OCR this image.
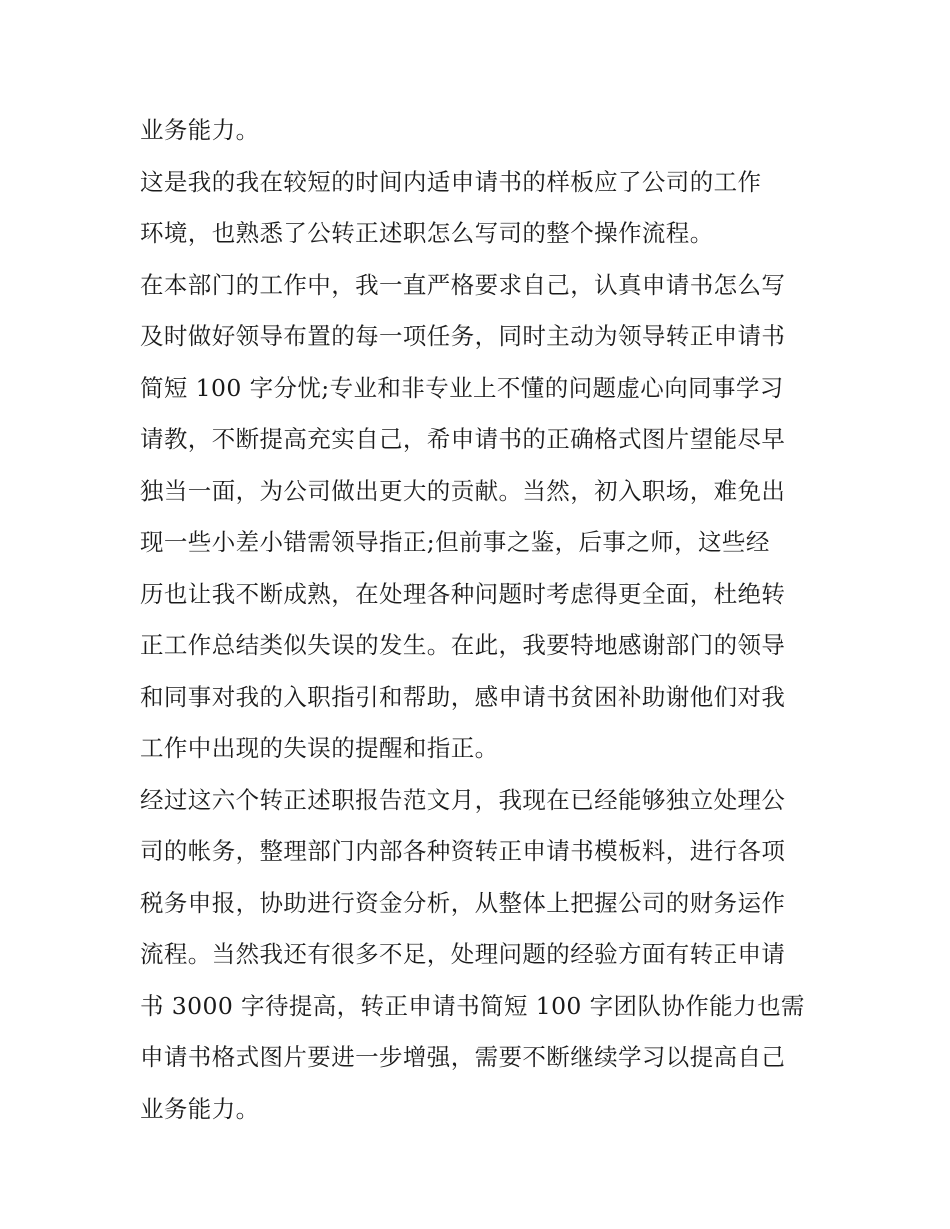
业务能力。
这是我的我在较短的时间内适申请书的样板应了公司的工作
环境，也熟悉了公转正述职怎么写司的整个操作流程。
在本部门的工作中，我一直严格要求自己，认真申请书怎么写
及时做好领导布置的每一项任务，同时主动为领导转正申请书
简短 100 字分忧;专业和非专业上不懂的问题虚心向同事学习
请教，不断提高充实自己，希申请书的正确格式图片望能尽早
独当一面，为公司做出更大的贡献。当然，初入职场，难免出
现一些小差小错需领导指正;但前事之鉴，后事之师，这些经
历也让我不断成熟，在处理各种问题时考虑得更全面，杜绝转
正工作总结类似失误的发生。在此，我要特地感谢部门的领导
和同事对我的入职指引和帮助，感申请书贫困补助谢他们对我
工作中出现的失误的提醒和指正。
经过这六个转正述职报告范文月，我现在已经能够独立处理公
司的帐务，整理部门内部各种资转正申请书模板料，进行各项
税务申报，协助进行资金分析，从整体上把握公司的财务运作
流程。当然我还有很多不足，处理问题的经验方面有转正申请
书 3000 字待提高，转正申请书简短 100 字团队协作能力也需
申请书格式图片要进一步增强，需要不断继续学习以提高自己
业务能力。
